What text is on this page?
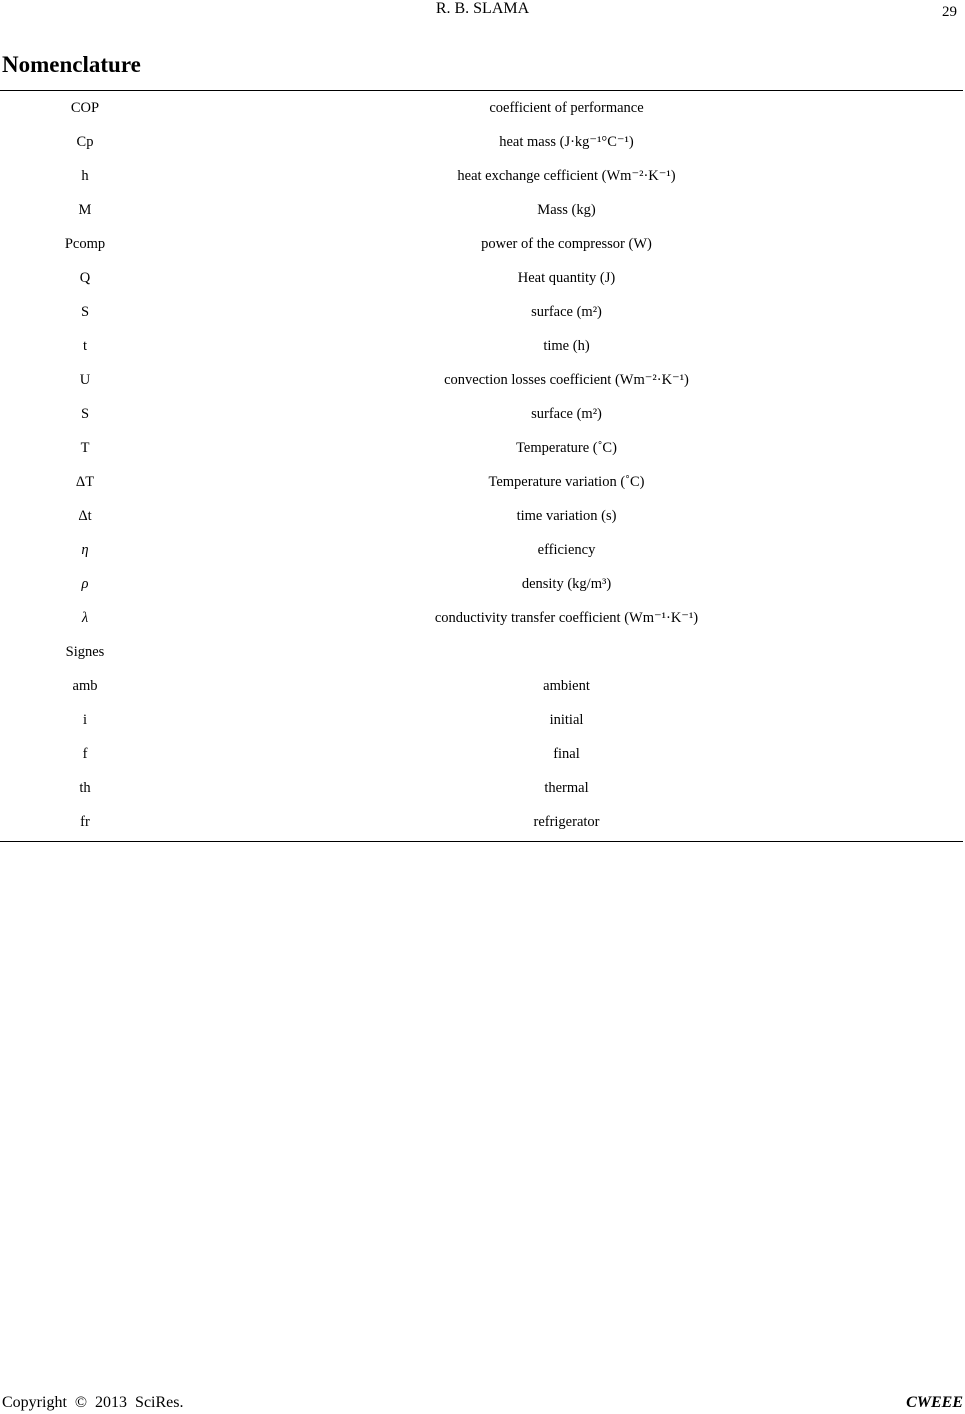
R. B. SLAMA	29
Nomenclature
COP	coefficient of performance
Cp	heat mass (J·kg⁻¹°C⁻¹)
h	heat exchange cefficient (Wm⁻²·K⁻¹)
M	Mass (kg)
Pcomp	power of the compressor (W)
Q	Heat quantity (J)
S	surface (m²)
t	time (h)
U	convection losses coefficient (Wm⁻²·K⁻¹)
S	surface (m²)
T	Temperature (˚C)
ΔT	Temperature variation (˚C)
Δt	time variation (s)
η	efficiency
ρ	density (kg/m³)
λ	conductivity transfer coefficient (Wm⁻¹·K⁻¹)
Signes
amb	ambient
i	initial
f	final
th	thermal
fr	refrigerator
Copyright © 2013 SciRes.	CWEEE
